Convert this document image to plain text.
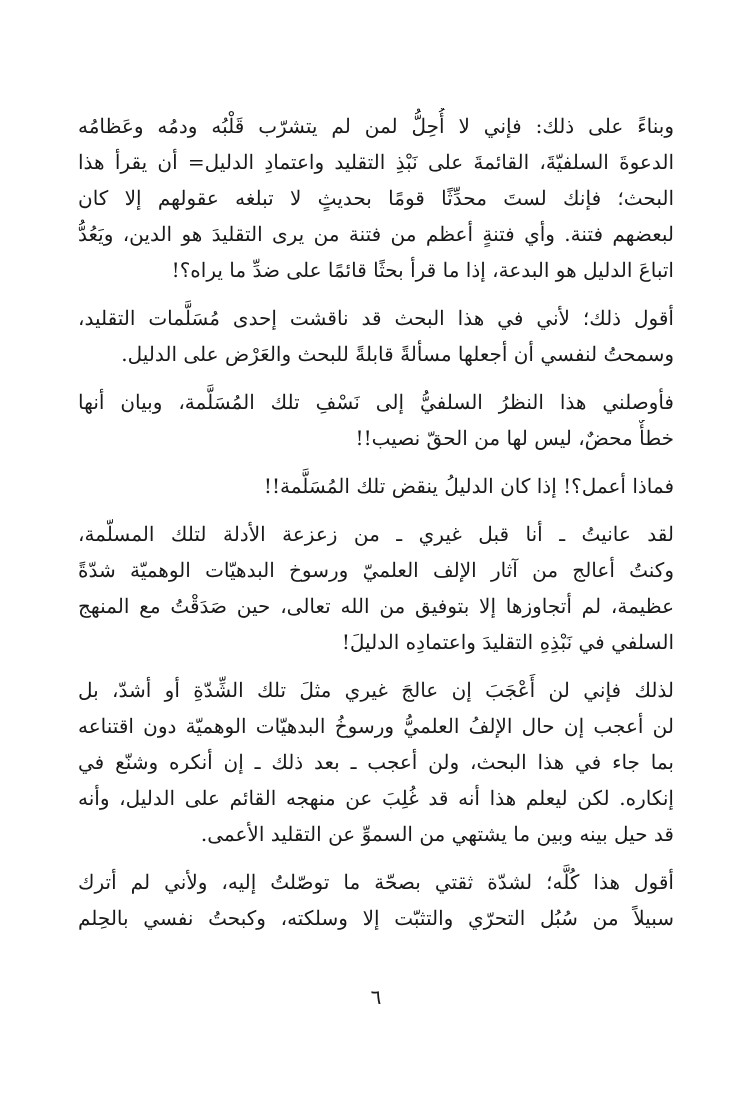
وبناءً على ذلك: فإني لا أُحِلُّ لمن لم يتشرّب قَلْبُه ودمُه وعَظامُه
الدعوةَ السلفيّةَ، القائمةَ على نَبْذِ التقليد واعتمادِ الدليل= أن يقرأ هذا
البحث؛ فإنك لستَ محدِّثًا قومًا بحديثٍ لا تبلغه عقولهم إلا كان
لبعضهم فتنة. وأي فتنةٍ أعظم من فتنة من يرى التقليدَ هو الدين، ويَعُدُّ
اتباعَ الدليل هو البدعة، إذا ما قرأ بحثًا قائمًا على ضدِّ ما يراه؟!
أقول ذلك؛ لأني في هذا البحث قد ناقشت إحدى مُسَلَّمات التقليد،
وسمحتُ لنفسي أن أجعلها مسألةً قابلةً للبحث والعَرْض على الدليل.
فأوصلني هذا النظرُ السلفيُّ إلى نَسْفِ تلك المُسَلَّمة، وبيان أنها
خطأٌ محضٌ، ليس لها من الحقّ نصيب!!
فماذا أعمل؟! إذا كان الدليلُ ينقض تلك المُسَلَّمة!!
لقد عانيتُ ـ أنا قبل غيري ـ من زعزعة الأدلة لتلك المسلّمة،
وكنتُ أعالج من آثار الإلف العلميّ ورسوخ البدهيّات الوهميّة شدّةً
عظيمة، لم أتجاوزها إلا بتوفيق من الله تعالى، حين صَدَقْتُ مع المنهج
السلفي في نَبْذِهِ التقليدَ واعتمادِه الدليلَ!
لذلك فإني لن أَعْجَبَ إن عالجَ غيري مثلَ تلك الشِّدّةِ أو أشدّ، بل
لن أعجب إن حال الإلفُ العلميُّ ورسوخُ البدهيّات الوهميّة دون اقتناعه
بما جاء في هذا البحث، ولن أعجب ـ بعد ذلك ـ إن أنكره وشنّع في
إنكاره. لكن ليعلم هذا أنه قد غُلِبَ عن منهجه القائم على الدليل، وأنه
قد حيل بينه وبين ما يشتهي من السموِّ عن التقليد الأعمى.
أقول هذا كُلَّه؛ لشدّة ثقتي بصحّة ما توصّلتُ إليه، ولأني لم أترك
سبيلاً من سُبُل التحرّي والتثبّت إلا وسلكته، وكبحتُ نفسي بالحِلم
٦
